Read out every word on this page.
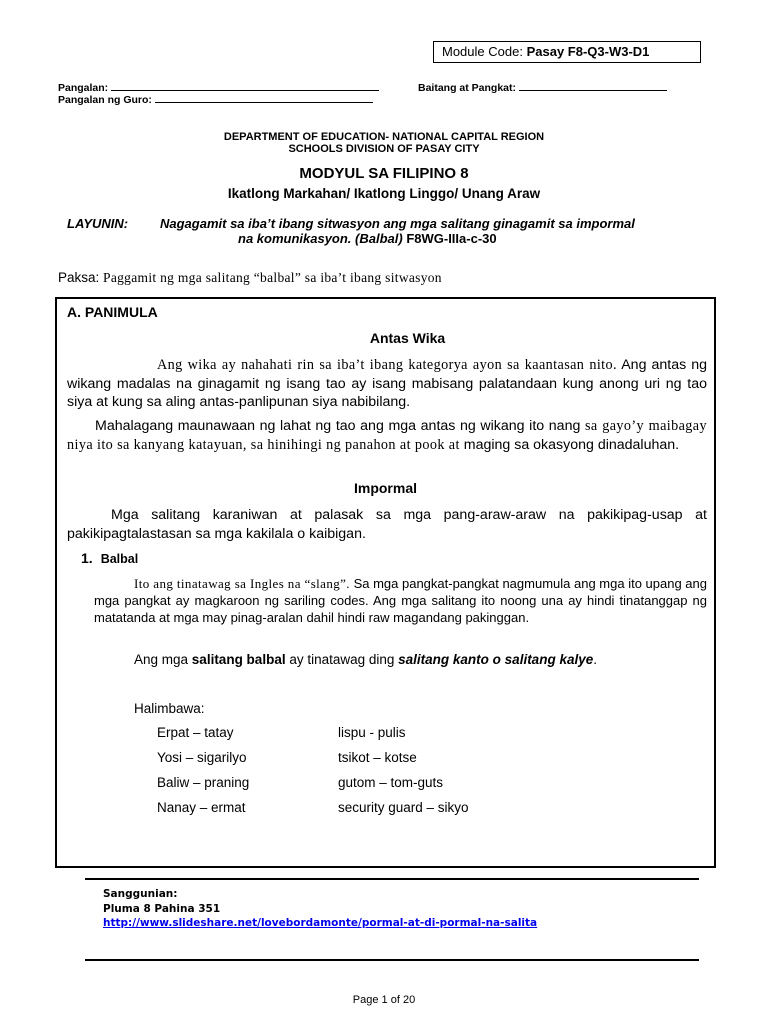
Module Code: Pasay F8-Q3-W3-D1
Pangalan:	Baitang at Pangkat:
Pangalan ng Guro:
DEPARTMENT OF EDUCATION- NATIONAL CAPITAL REGION
SCHOOLS DIVISION OF PASAY CITY
MODYUL SA FILIPINO 8
Ikatlong Markahan/ Ikatlong Linggo/ Unang Araw
LAYUNIN: Nagagamit sa iba’t ibang sitwasyon ang mga salitang ginagamit sa impormal
na komunikasyon. (Balbal) F8WG-IIIa-c-30
Paksa: Paggamit ng mga salitang “balbal” sa iba’t ibang sitwasyon
A. PANIMULA
Antas Wika
Ang wika ay nahahati rin sa iba’t ibang kategorya ayon sa kaantasan nito. Ang antas ng wikang madalas na ginagamit ng isang tao ay isang mabisang palatandaan kung anong uri ng tao siya at kung sa aling antas-panlipunan siya nabibilang.
Mahalagang maunawaan ng lahat ng tao ang mga antas ng wikang ito nang sa gayo’y maibagay niya ito sa kanyang katayuan, sa hinihingi ng panahon at pook at maging sa okasyong dinadaluhan.
Impormal
Mga salitang karaniwan at palasak sa mga pang-araw-araw na pakikipag-usap at pakikipagtalastasan sa mga kakilala o kaibigan.
1. Balbal
Ito ang tinatawag sa Ingles na “slang”. Sa mga pangkat-pangkat nagmumula ang mga ito upang ang mga pangkat ay magkaroon ng sariling codes. Ang mga salitang ito noong una ay hindi tinatanggap ng matatanda at mga may pinag-aralan dahil hindi raw magandang pakinggan.
Ang mga salitang balbal ay tinatawag ding salitang kanto o salitang kalye.
Halimbawa:
Erpat – tatay	lispu - pulis
Yosi – sigarilyo	tsikot – kotse
Baliw – praning	gutom – tom-guts
Nanay – ermat	security guard – sikyo
Sanggunian:
Pluma 8 Pahina 351
http://www.slideshare.net/lovebordamonte/pormal-at-di-pormal-na-salita
Page 1 of 20
